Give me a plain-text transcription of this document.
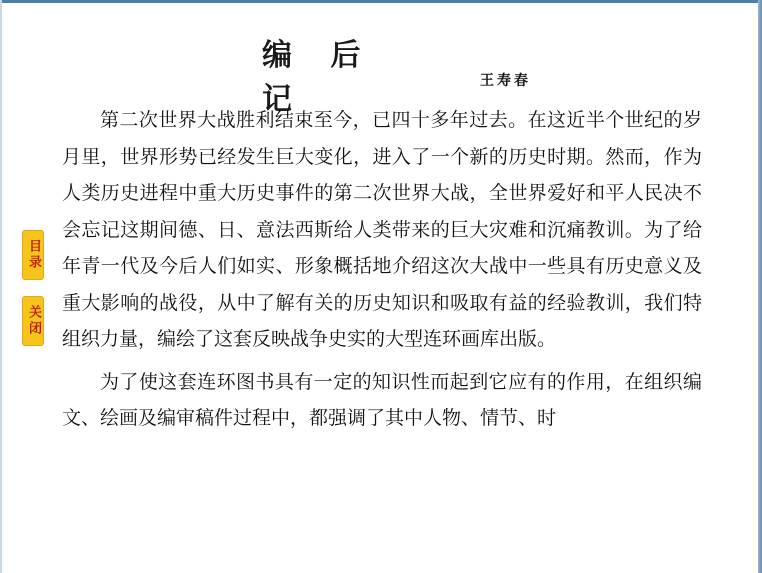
编 后 记
王寿春

第二次世界大战胜利结束至今，已四十多年过去。在这近半个世纪的岁月里，世界形势已经发生巨大变化，进入了一个新的历史时期。然而，作为人类历史进程中重大历史事件的第二次世界大战，全世界爱好和平人民决不会忘记这期间德、日、意法西斯给人类带来的巨大灾难和沉痛教训。为了给年青一代及今后人们如实、形象概括地介绍这次大战中一些具有历史意义及重大影响的战役，从中了解有关的历史知识和吸取有益的经验教训，我们特组织力量，编绘了这套反映战争史实的大型连环画库出版。

为了使这套连环图书具有一定的知识性而起到它应有的作用，在组织编文、绘画及编审稿件过程中，都强调了其中人物、情节、时

目录
关闭
